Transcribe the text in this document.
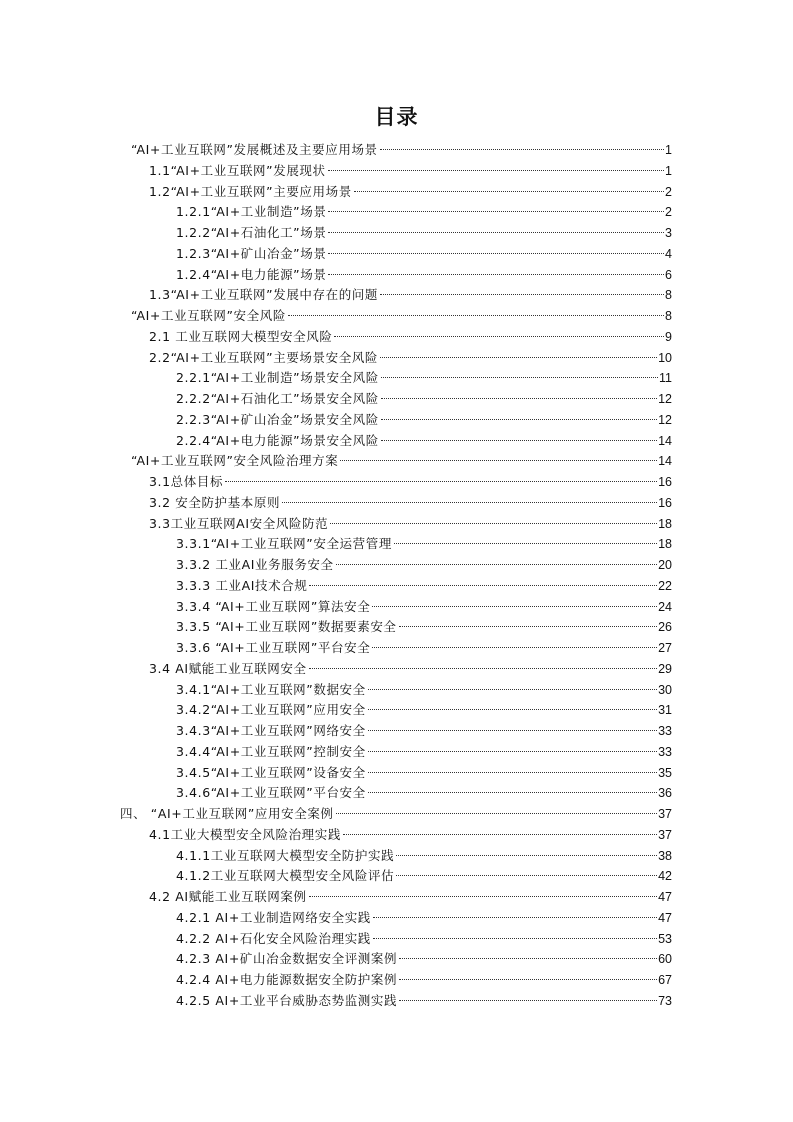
目录
“AI+工业互联网”发展概述及主要应用场景	1
1.1“AI+工业互联网”发展现状	1
1.2“AI+工业互联网”主要应用场景	2
1.2.1“AI+工业制造”场景	2
1.2.2“AI+石油化工”场景	3
1.2.3“AI+矿山冶金”场景	4
1.2.4“AI+电力能源”场景	6
1.3“AI+工业互联网”发展中存在的问题	8
“AI+工业互联网”安全风险	8
2.1 工业互联网大模型安全风险	9
2.2“AI+工业互联网”主要场景安全风险	10
2.2.1“AI+工业制造”场景安全风险	11
2.2.2“AI+石油化工”场景安全风险	12
2.2.3“AI+矿山冶金”场景安全风险	12
2.2.4“AI+电力能源”场景安全风险	14
“AI+工业互联网”安全风险治理方案	14
3.1总体目标	16
3.2 安全防护基本原则	16
3.3工业互联网AI安全风险防范	18
3.3.1“AI+工业互联网”安全运营管理	18
3.3.2 工业AI业务服务安全	20
3.3.3 工业AI技术合规	22
3.3.4 “AI+工业互联网”算法安全	24
3.3.5 “AI+工业互联网”数据要素安全	26
3.3.6 “AI+工业互联网”平台安全	27
3.4 AI赋能工业互联网安全	29
3.4.1“AI+工业互联网”数据安全	30
3.4.2“AI+工业互联网”应用安全	31
3.4.3“AI+工业互联网”网络安全	33
3.4.4“AI+工业互联网”控制安全	33
3.4.5“AI+工业互联网”设备安全	35
3.4.6“AI+工业互联网”平台安全	36
四、 “AI+工业互联网”应用安全案例	37
4.1工业大模型安全风险治理实践	37
4.1.1工业互联网大模型安全防护实践	38
4.1.2工业互联网大模型安全风险评估	42
4.2 AI赋能工业互联网案例	47
4.2.1 AI+工业制造网络安全实践	47
4.2.2 AI+石化安全风险治理实践	53
4.2.3 AI+矿山冶金数据安全评测案例	60
4.2.4 AI+电力能源数据安全防护案例	67
4.2.5 AI+工业平台威胁态势监测实践	73
